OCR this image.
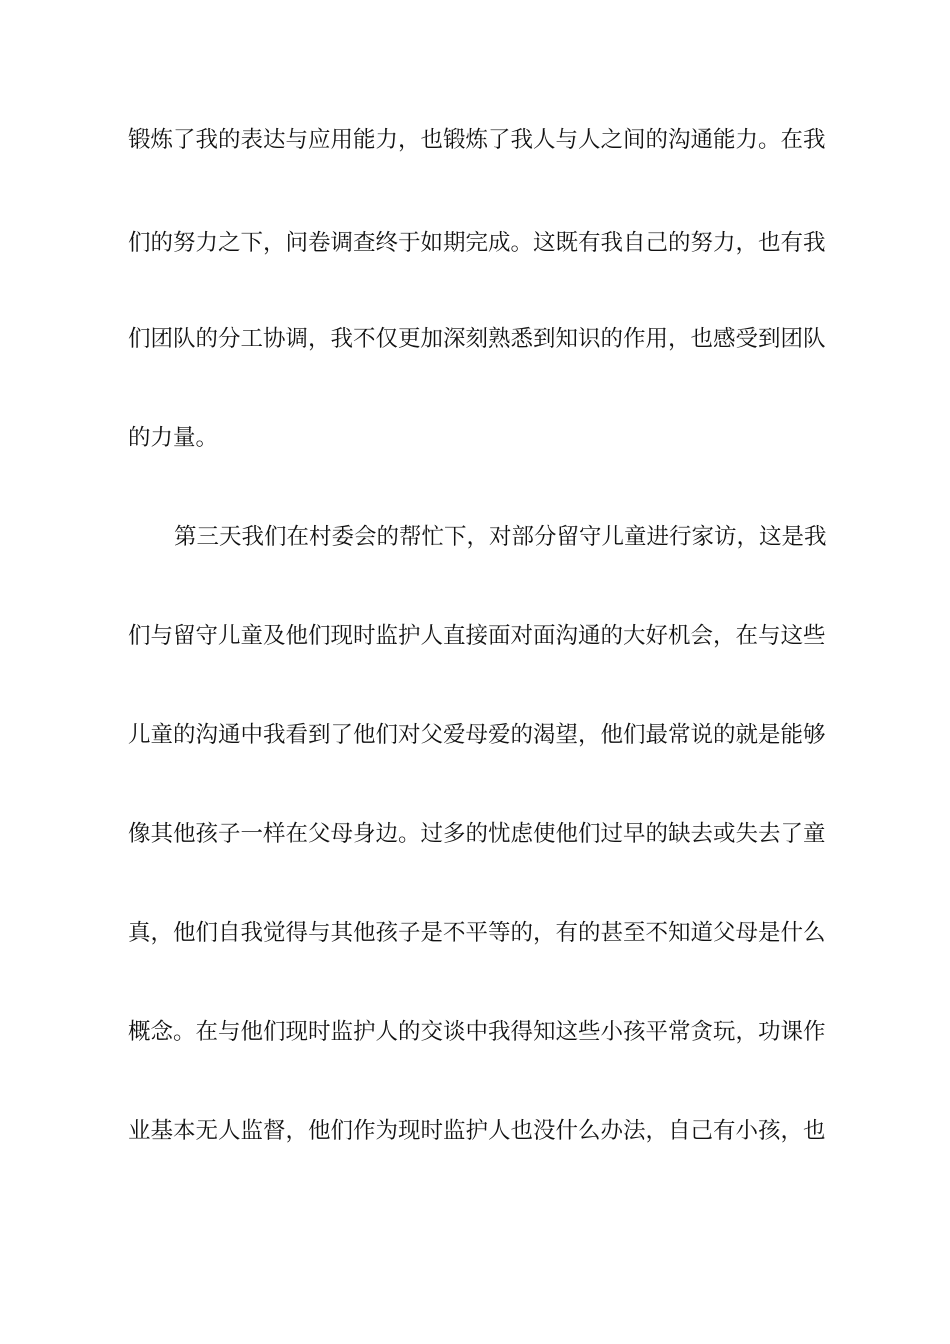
锻炼了我的表达与应用能力，也锻炼了我人与人之间的沟通能力。在我
们的努力之下，问卷调查终于如期完成。这既有我自己的努力，也有我
们团队的分工协调，我不仅更加深刻熟悉到知识的作用，也感受到团队
的力量。
第三天我们在村委会的帮忙下，对部分留守儿童进行家访，这是我
们与留守儿童及他们现时监护人直接面对面沟通的大好机会，在与这些
儿童的沟通中我看到了他们对父爱母爱的渴望，他们最常说的就是能够
像其他孩子一样在父母身边。过多的忧虑使他们过早的缺去或失去了童
真，他们自我觉得与其他孩子是不平等的，有的甚至不知道父母是什么
概念。在与他们现时监护人的交谈中我得知这些小孩平常贪玩，功课作
业基本无人监督，他们作为现时监护人也没什么办法，自己有小孩，也
